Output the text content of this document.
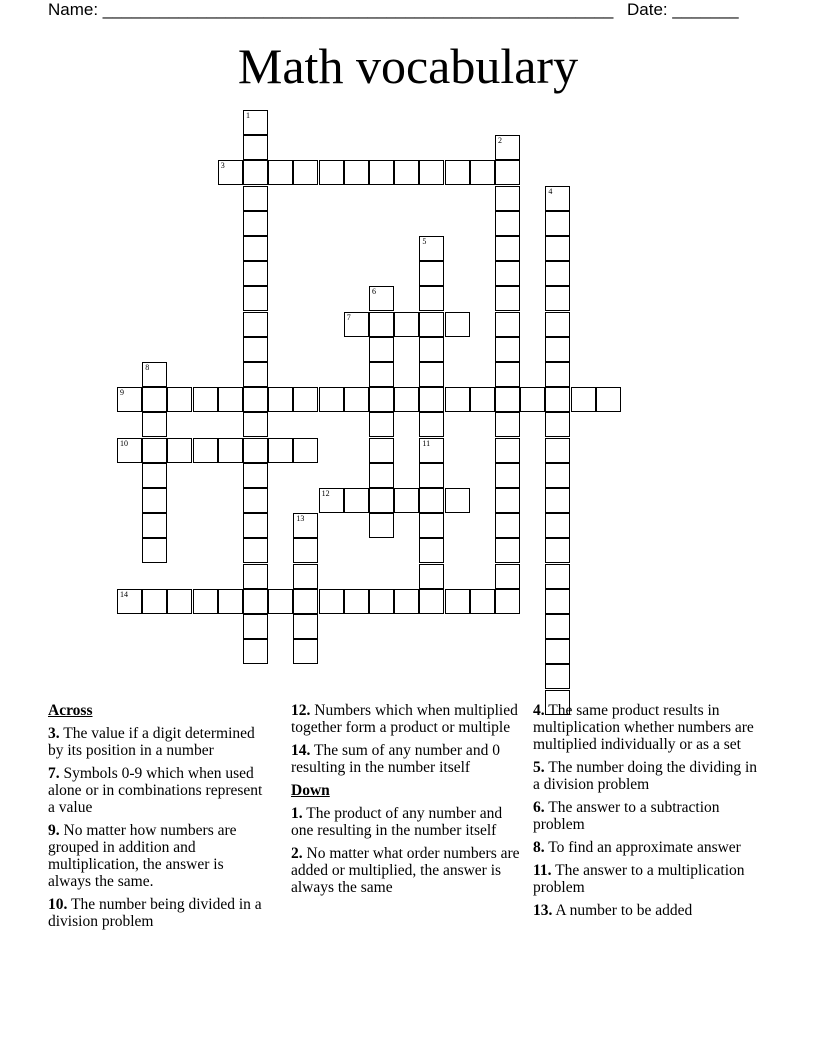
Name: ______________________________________________________ Date: _______
Math vocabulary
1
2
3
4
5
11
6
7
8
9
10
12
13
14
Across
3. The value if a digit determined by its position in a number
7. Symbols 0-9 which when used alone or in combinations represent a value
9. No matter how numbers are grouped in addition and multiplication, the answer is always the same.
10. The number being divided in a division problem
12. Numbers which when multiplied together form a product or multiple
14. The sum of any number and 0 resulting in the number itself
Down
1. The product of any number and one resulting in the number itself
2. No matter what order numbers are added or multiplied, the answer is always the same
4. The same product results in multiplication whether numbers are multiplied individually or as a set
5. The number doing the dividing in a division problem
6. The answer to a subtraction problem
8. To find an approximate answer
11. The answer to a multiplication problem
13. A number to be added
